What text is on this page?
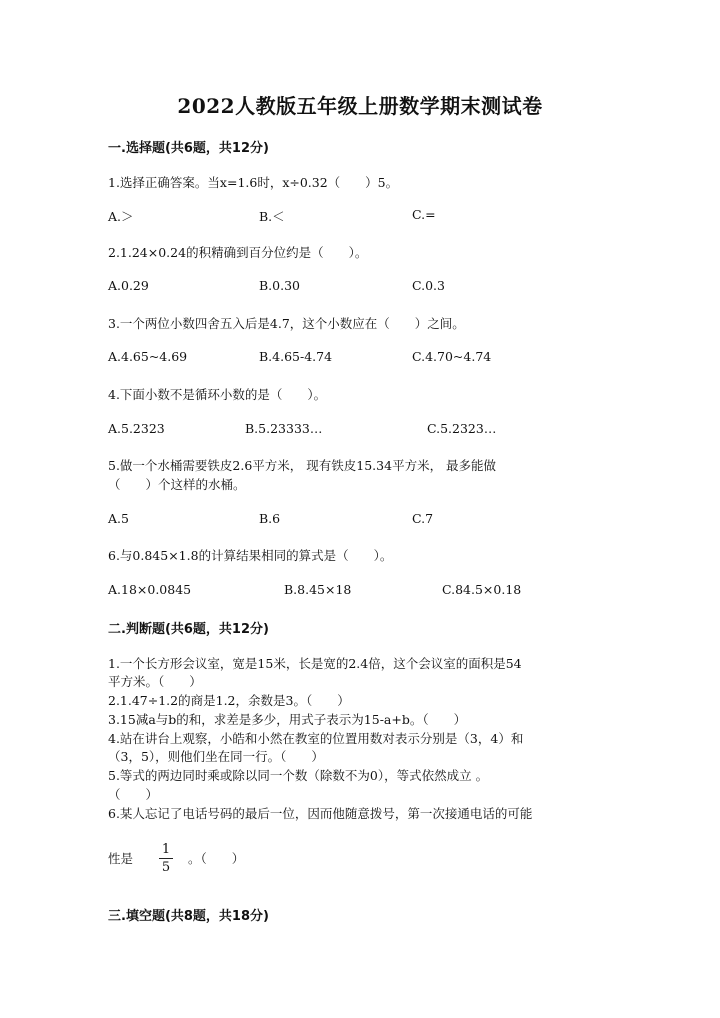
2022人教版五年级上册数学期末测试卷
一.选择题(共6题，共12分)
1.选择正确答案。当x=1.6时，x÷0.32（　　）5。
A.＞	B.＜	C.=
2.1.24×0.24的积精确到百分位约是（　　）。
A.0.29	B.0.30	C.0.3
3.一个两位小数四舍五入后是4.7，这个小数应在（　　）之间。
A.4.65~4.69	B.4.65-4.74	C.4.70~4.74
4.下面小数不是循环小数的是（　　）。
A.5.2323	B.5.23333…	C.5.2323…
5.做一个水桶需要铁皮2.6平方米， 现有铁皮15.34平方米， 最多能做
（　　）个这样的水桶。
A.5	B.6	C.7
6.与0.845×1.8的计算结果相同的算式是（　　）。
A.18×0.0845	B.8.45×18	C.84.5×0.18
二.判断题(共6题，共12分)
1.一个长方形会议室，宽是15米，长是宽的2.4倍，这个会议室的面积是54
平方米。（　　）
2.1.47÷1.2的商是1.2，余数是3。（　　）
3.15减a与b的和，求差是多少，用式子表示为15-a+b。（　　）
4.站在讲台上观察，小皓和小然在教室的位置用数对表示分别是（3，4）和
（3，5），则他们坐在同一行。（　　）
5.等式的两边同时乘或除以同一个数（除数不为0），等式依然成立 。
（　　）
6.某人忘记了电话号码的最后一位，因而他随意拨号，第一次接通电话的可能
性是
1
5
。（　　）
三.填空题(共8题，共18分)
